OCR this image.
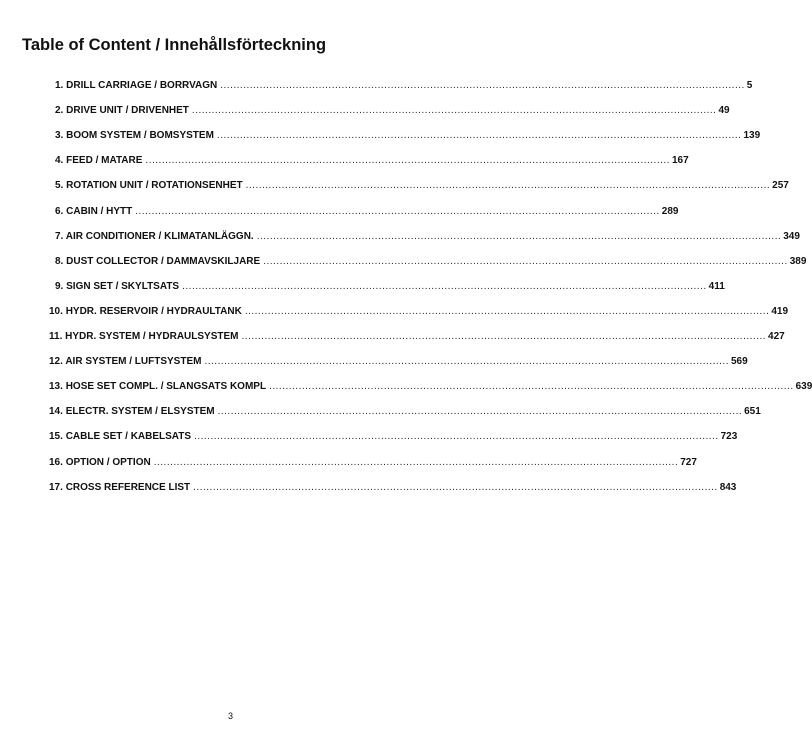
Table of Content / Innehållsförteckning
1. DRILL CARRIAGE / BORRVAGN ................................................................................................................................................................ 5
2. DRIVE UNIT / DRIVENHET ................................................................................................................................................................ 49
3. BOOM SYSTEM / BOMSYSTEM ................................................................................................................................................................ 139
4. FEED / MATARE ................................................................................................................................................................ 167
5. ROTATION UNIT / ROTATIONSENHET ................................................................................................................................................................ 257
6. CABIN / HYTT ................................................................................................................................................................ 289
7. AIR CONDITIONER / KLIMATANLÄGGN. ................................................................................................................................................................ 349
8. DUST COLLECTOR / DAMMAVSKILJARE ................................................................................................................................................................ 389
9. SIGN SET / SKYLTSATS ................................................................................................................................................................ 411
10. HYDR. RESERVOIR / HYDRAULTANK ................................................................................................................................................................ 419
11. HYDR. SYSTEM / HYDRAULSYSTEM ................................................................................................................................................................ 427
12. AIR SYSTEM / LUFTSYSTEM ................................................................................................................................................................ 569
13. HOSE SET COMPL. / SLANGSATS KOMPL ................................................................................................................................................................ 639
14. ELECTR. SYSTEM / ELSYSTEM ................................................................................................................................................................ 651
15. CABLE SET / KABELSATS ................................................................................................................................................................ 723
16. OPTION / OPTION ................................................................................................................................................................ 727
17. CROSS REFERENCE LIST ................................................................................................................................................................ 843
3
